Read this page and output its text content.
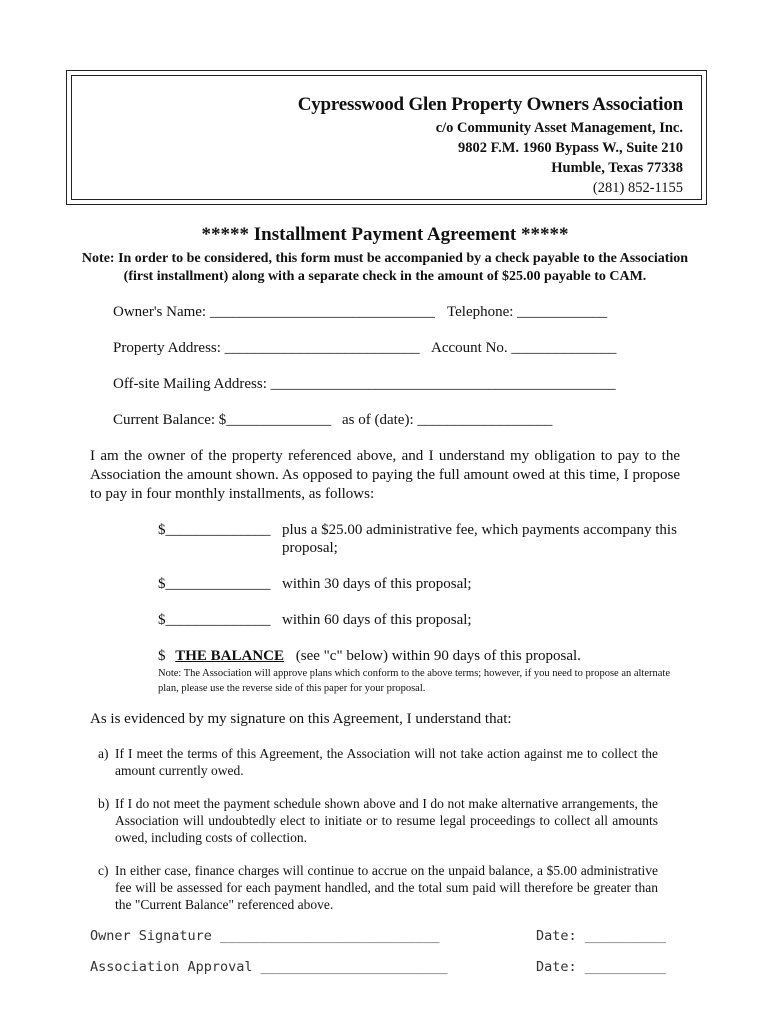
Cypresswood Glen Property Owners Association
c/o Community Asset Management, Inc.
9802 F.M. 1960 Bypass W., Suite 210
Humble, Texas 77338
(281) 852-1155
***** Installment Payment Agreement *****
Note: In order to be considered, this form must be accompanied by a check payable to the Association
(first installment) along with a separate check in the amount of $25.00 payable to CAM.
Owner's Name: ______________________________ Telephone: ____________
Property Address: __________________________ Account No. ______________
Off-site Mailing Address: ______________________________________________
Current Balance: $______________ as of (date): __________________
I am the owner of the property referenced above, and I understand my obligation to pay to the Association the amount shown. As opposed to paying the full amount owed at this time, I propose to pay in four monthly installments, as follows:
$______________ plus a $25.00 administrative fee, which payments accompany this
proposal;
$______________ within 30 days of this proposal;
$______________ within 60 days of this proposal;
$ THE BALANCE (see "c" below) within 90 days of this proposal.
Note: The Association will approve plans which conform to the above terms; however, if you need to propose an alternate plan, please use the reverse side of this paper for your proposal.
As is evidenced by my signature on this Agreement, I understand that:
a) If I meet the terms of this Agreement, the Association will not take action against me to collect the amount currently owed.
b) If I do not meet the payment schedule shown above and I do not make alternative arrangements, the Association will undoubtedly elect to initiate or to resume legal proceedings to collect all amounts owed, including costs of collection.
c) In either case, finance charges will continue to accrue on the unpaid balance, a $5.00 administrative fee will be assessed for each payment handled, and the total sum paid will therefore be greater than the "Current Balance" referenced above.
Owner Signature ___________________________	Date: __________
Association Approval _______________________	Date: __________
